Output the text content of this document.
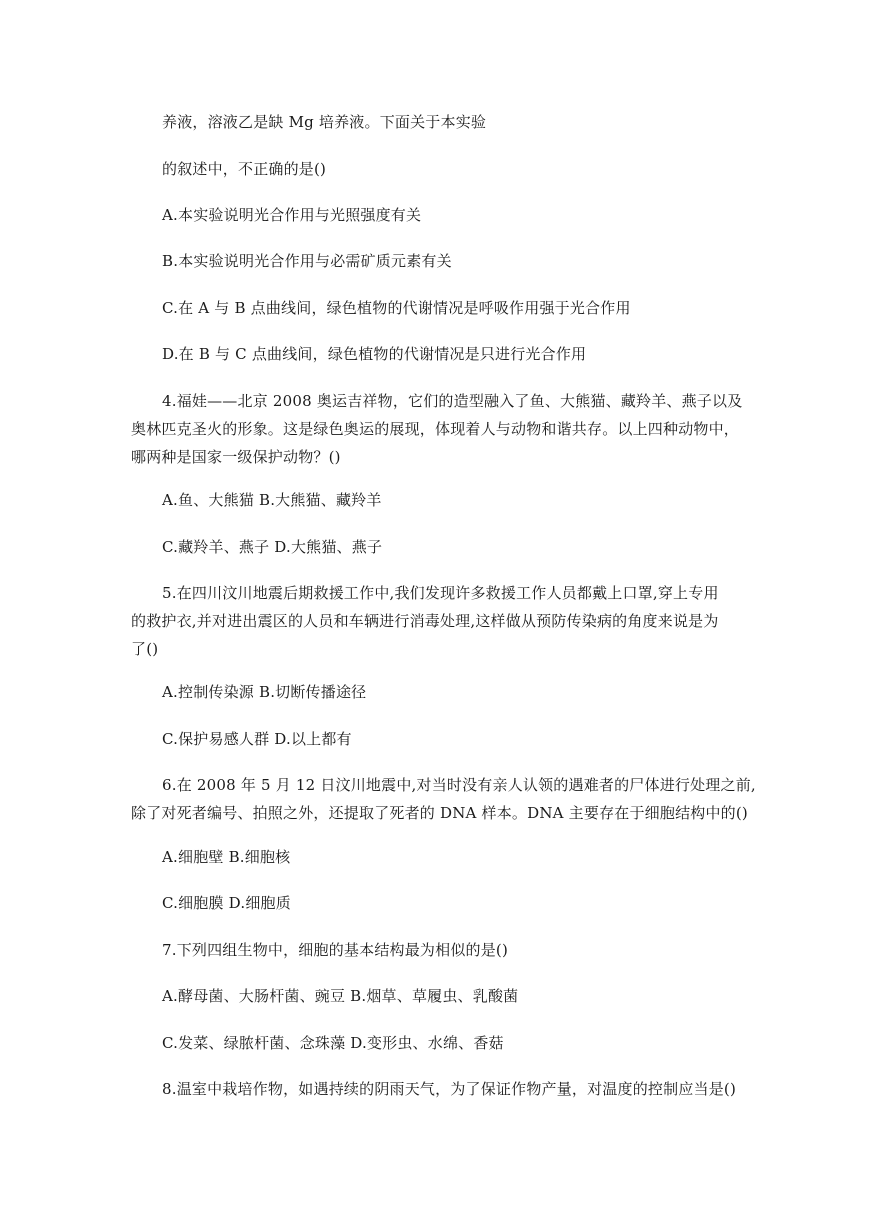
养液，溶液乙是缺 Mg 培养液。下面关于本实验
的叙述中，不正确的是()
A.本实验说明光合作用与光照强度有关
B.本实验说明光合作用与必需矿质元素有关
C.在 A 与 B 点曲线间，绿色植物的代谢情况是呼吸作用强于光合作用
D.在 B 与 C 点曲线间，绿色植物的代谢情况是只进行光合作用
4.福娃——北京 2008 奥运吉祥物，它们的造型融入了鱼、大熊猫、藏羚羊、燕子以及
奥林匹克圣火的形象。这是绿色奥运的展现，体现着人与动物和谐共存。以上四种动物中，
哪两种是国家一级保护动物？()
A.鱼、大熊猫 B.大熊猫、藏羚羊
C.藏羚羊、燕子 D.大熊猫、燕子
5.在四川汶川地震后期救援工作中,我们发现许多救援工作人员都戴上口罩,穿上专用
的救护衣,并对进出震区的人员和车辆进行消毒处理,这样做从预防传染病的角度来说是为
了()
A.控制传染源 B.切断传播途径
C.保护易感人群 D.以上都有
6.在 2008 年 5 月 12 日汶川地震中,对当时没有亲人认领的遇难者的尸体进行处理之前,
除了对死者编号、拍照之外，还提取了死者的 DNA 样本。DNA 主要存在于细胞结构中的()
A.细胞壁 B.细胞核
C.细胞膜 D.细胞质
7.下列四组生物中，细胞的基本结构最为相似的是()
A.酵母菌、大肠杆菌、豌豆 B.烟草、草履虫、乳酸菌
C.发菜、绿脓杆菌、念珠藻 D.变形虫、水绵、香菇
8.温室中栽培作物，如遇持续的阴雨天气，为了保证作物产量，对温度的控制应当是()
